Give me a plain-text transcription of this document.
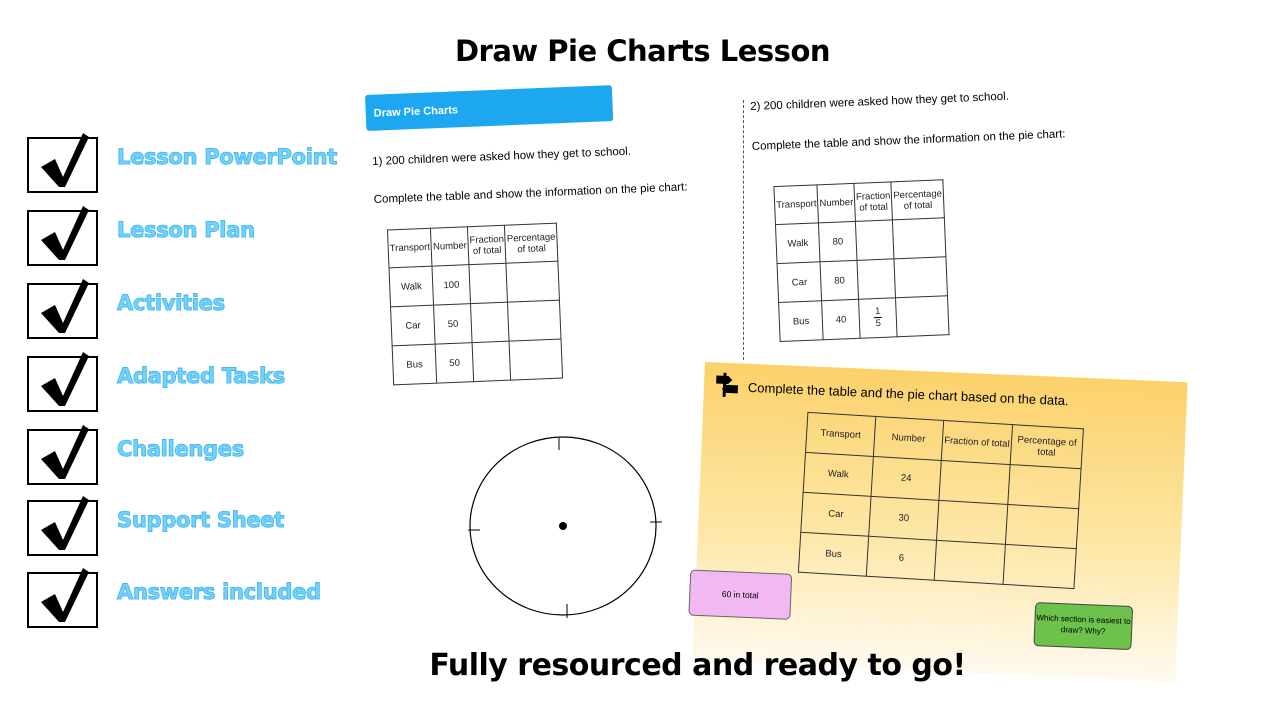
Draw Pie Charts Lesson
Lesson PowerPoint
Lesson Plan
Activities
Adapted Tasks
Challenges
Support Sheet
Answers included
Draw Pie Charts
1) 200 children were asked how they get to school.
Complete the table and show the information on the pie chart:
Transport	Number	Fraction of total	Percentage of total
Walk	100		
Car	50		
Bus	50		
2) 200 children were asked how they get to school.
Complete the table and show the information on the pie chart:
Transport	Number	Fraction of total	Percentage of total
Walk	80		
Car	80		
Bus	40	$\frac{1}{5}$

Complete the table and the pie chart based on the data.
Transport	Number	Fraction of total	Percentage of total
Walk	24		
Car	30		
Bus	6		
60 in total
Which section is easiest to draw? Why?
Fully resourced and ready to go!
